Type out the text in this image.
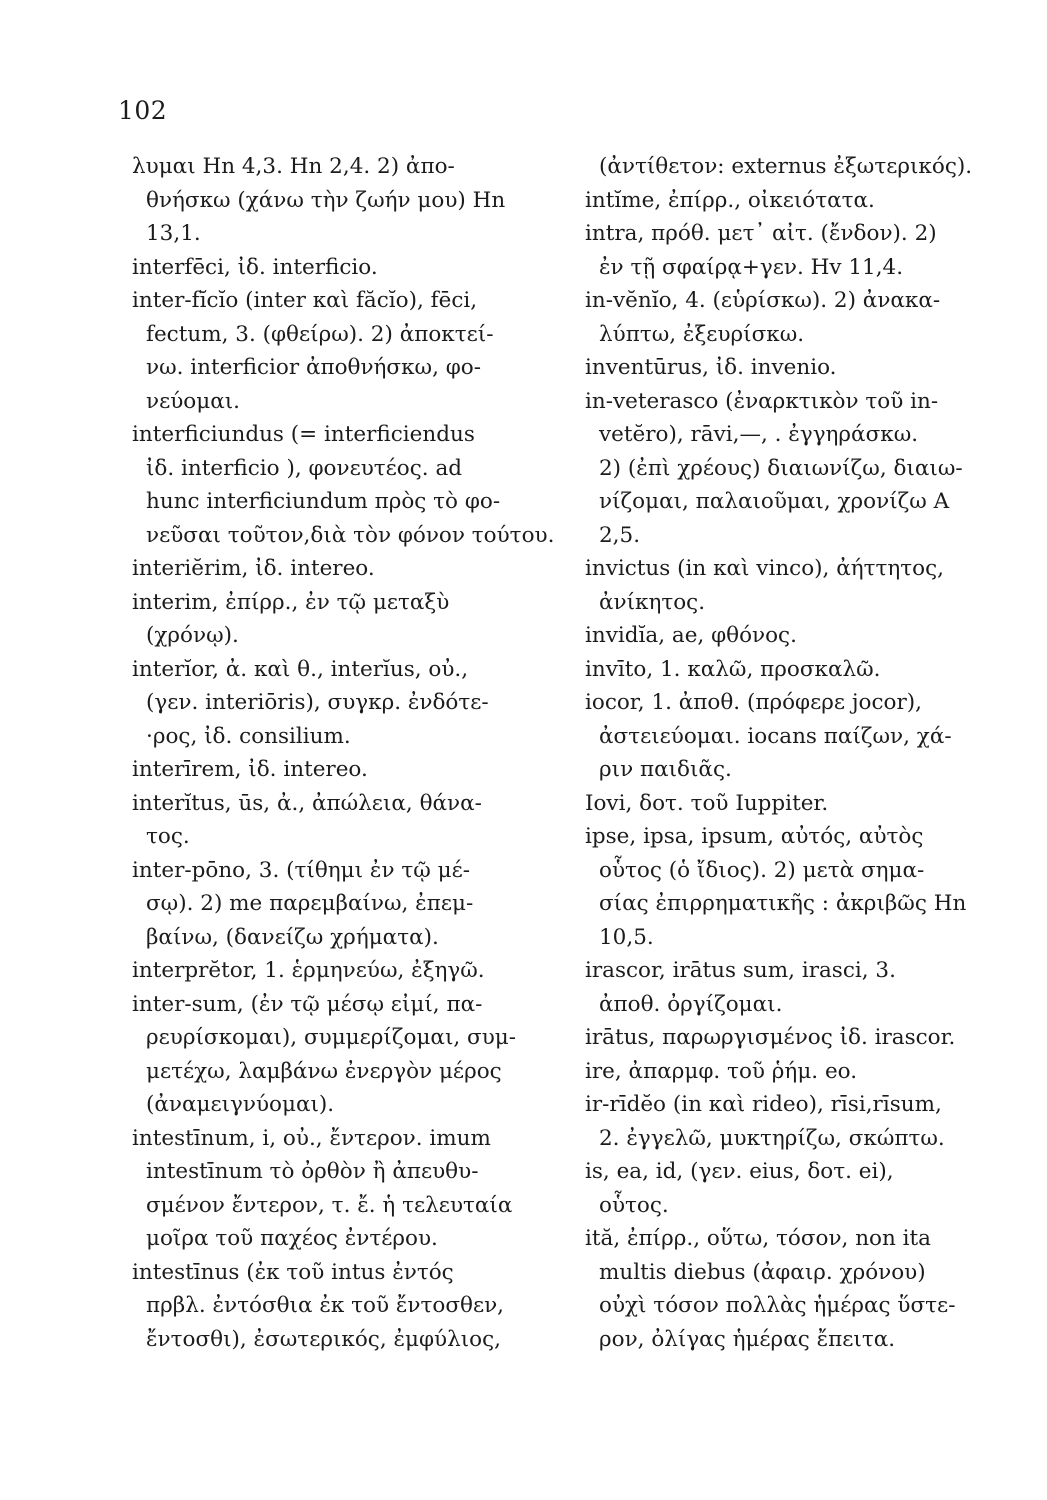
102
λυμαι Hn 4,3. Hn 2,4. 2) ἀπο-
θνήσκω (χάνω τὴν ζωήν μου) Hn
13,1.
interfēci, ἰδ. interficio.
inter-fĭcĭo (inter καὶ făcĭo), fēci,
fectum, 3. (φθείρω). 2) ἀποκτεί-
νω. interficior ἀποθνήσκω, φο-
νεύομαι.
interficiundus (= interficiendus
ἰδ. interficio ), φονευτέος. ad
hunc interficiundum πρὸς τὸ φο-
νεῦσαι τοῦτον,διὰ τὸν φόνον τούτου.
interiĕrim, ἰδ. intereo.
interim, ἐπίρρ., ἐν τῷ μεταξὺ
(χρόνῳ).
interĭor, ἀ. καὶ θ., interĭus, οὐ.,
(γεν. interiōris), συγκρ. ἐνδότε-
·ρος, ἰδ. consilium.
interīrem, ἰδ. intereo.
interĭtus, ūs, ἀ., ἀπώλεια, θάνα-
τος.
inter-pōno, 3. (τίθημι ἐν τῷ μέ-
σῳ). 2) me παρεμβαίνω, ἐπεμ-
βαίνω, (δανείζω χρήματα).
interprĕtor, 1. ἑρμηνεύω, ἐξηγῶ.
inter-sum, (ἐν τῷ μέσῳ εἰμί, πα-
ρευρίσκομαι), συμμερίζομαι, συμ-
μετέχω, λαμβάνω ἐνεργὸν μέρος
(ἀναμειγνύομαι).
intestīnum, i, οὐ., ἔντερον. imum
intestīnum τὸ ὀρθὸν ἢ ἀπευθυ-
σμένον ἔντερον, τ. ἔ. ἡ τελευταία
μοῖρα τοῦ παχέος ἐντέρου.
intestīnus (ἐκ τοῦ intus ἐντός
πρβλ. ἐντόσθια ἐκ τοῦ ἔντοσθεν,
ἔντοσθι), ἐσωτερικός, ἐμφύλιος,
(ἀντίθετον: externus ἐξωτερικός).
intĭme, ἐπίρρ., οἰκειότατα.
intra, πρόθ. μετ᾽ αἰτ. (ἔνδον). 2)
ἐν τῇ σφαίρᾳ+γεν. Hv 11,4.
in-vĕnĭo, 4. (εὑρίσκω). 2) ἀνακα-
λύπτω, ἐξευρίσκω.
inventūrus, ἰδ. invenio.
in-veterasco (ἐναρκτικὸν τοῦ in-
vetĕro), rāvi,—, . ἐγγηράσκω.
2) (ἐπὶ χρέους) διαιωνίζω, διαιω-
νίζομαι, παλαιοῦμαι, χρονίζω A
2,5.
invictus (in καὶ vinco), ἀήττητος,
ἀνίκητος.
invidĭa, ae, φθόνος.
invīto, 1. καλῶ, προσκαλῶ.
iocor, 1. ἀποθ. (πρόφερε jocor),
ἀστειεύομαι. iocans παίζων, χά-
ριν παιδιᾶς.
Iovi, δοτ. τοῦ Iuppiter.
ipse, ipsa, ipsum, αὐτός, αὐτὸς
οὗτος (ὁ ἴδιος). 2) μετὰ σημα-
σίας ἐπιρρηματικῆς : ἀκριβῶς Hn
10,5.
irascor, irātus sum, irasci, 3.
ἀποθ. ὀργίζομαι.
irātus, παρωργισμένος ἰδ. irascor.
ire, ἀπαρμφ. τοῦ ῥήμ. eo.
ir-rīdĕo (in καὶ rideo), rīsi,rīsum,
2. ἐγγελῶ, μυκτηρίζω, σκώπτω.
is, ea, id, (γεν. eius, δοτ. ei),
οὗτος.
ită, ἐπίρρ., οὕτω, τόσον, non ita
multis diebus (ἀφαιρ. χρόνου)
οὐχὶ τόσον πολλὰς ἡμέρας ὕστε-
ρον, ὀλίγας ἡμέρας ἔπειτα.
